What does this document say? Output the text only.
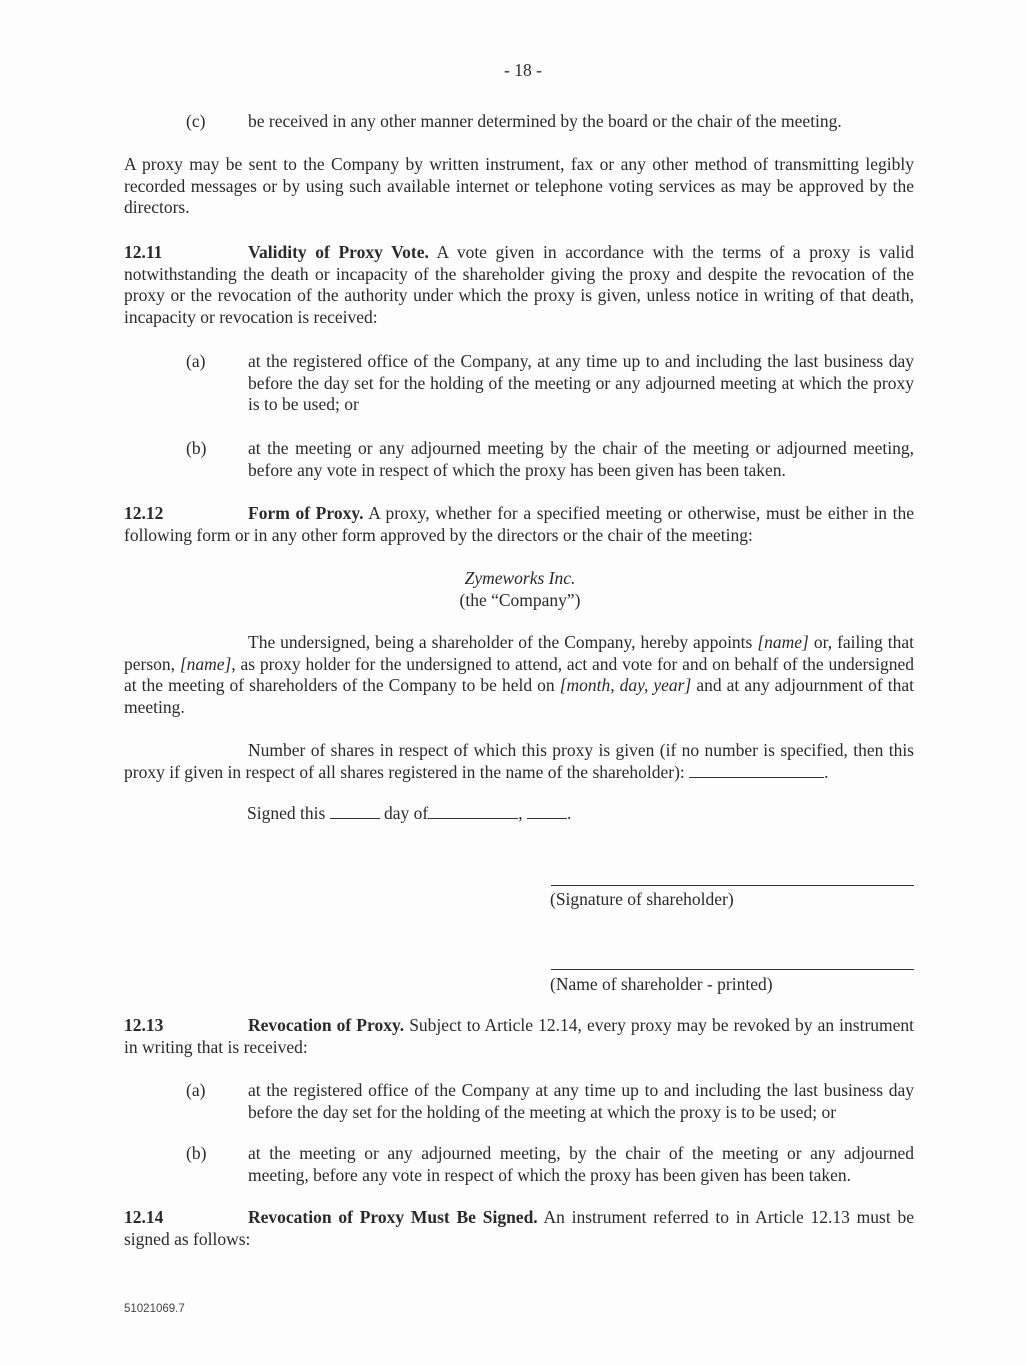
- 18 -
(c) be received in any other manner determined by the board or the chair of the meeting.
A proxy may be sent to the Company by written instrument, fax or any other method of transmitting legibly recorded messages or by using such available internet or telephone voting services as may be approved by the directors.
12.11	Validity of Proxy Vote. A vote given in accordance with the terms of a proxy is valid notwithstanding the death or incapacity of the shareholder giving the proxy and despite the revocation of the proxy or the revocation of the authority under which the proxy is given, unless notice in writing of that death, incapacity or revocation is received:
(a) at the registered office of the Company, at any time up to and including the last business day before the day set for the holding of the meeting or any adjourned meeting at which the proxy is to be used; or
(b) at the meeting or any adjourned meeting by the chair of the meeting or adjourned meeting, before any vote in respect of which the proxy has been given has been taken.
12.12	Form of Proxy. A proxy, whether for a specified meeting or otherwise, must be either in the following form or in any other form approved by the directors or the chair of the meeting:
Zymeworks Inc.
(the “Company”)
The undersigned, being a shareholder of the Company, hereby appoints [name] or, failing that person, [name], as proxy holder for the undersigned to attend, act and vote for and on behalf of the undersigned at the meeting of shareholders of the Company to be held on [month, day, year] and at any adjournment of that meeting.
Number of shares in respect of which this proxy is given (if no number is specified, then this proxy if given in respect of all shares registered in the name of the shareholder):	.
Signed this	day of	,	.
(Signature of shareholder)
(Name of shareholder - printed)
12.13	Revocation of Proxy. Subject to Article 12.14, every proxy may be revoked by an instrument in writing that is received:
(a) at the registered office of the Company at any time up to and including the last business day before the day set for the holding of the meeting at which the proxy is to be used; or
(b) at the meeting or any adjourned meeting, by the chair of the meeting or any adjourned meeting, before any vote in respect of which the proxy has been given has been taken.
12.14	Revocation of Proxy Must Be Signed. An instrument referred to in Article 12.13 must be signed as follows:
51021069.7
